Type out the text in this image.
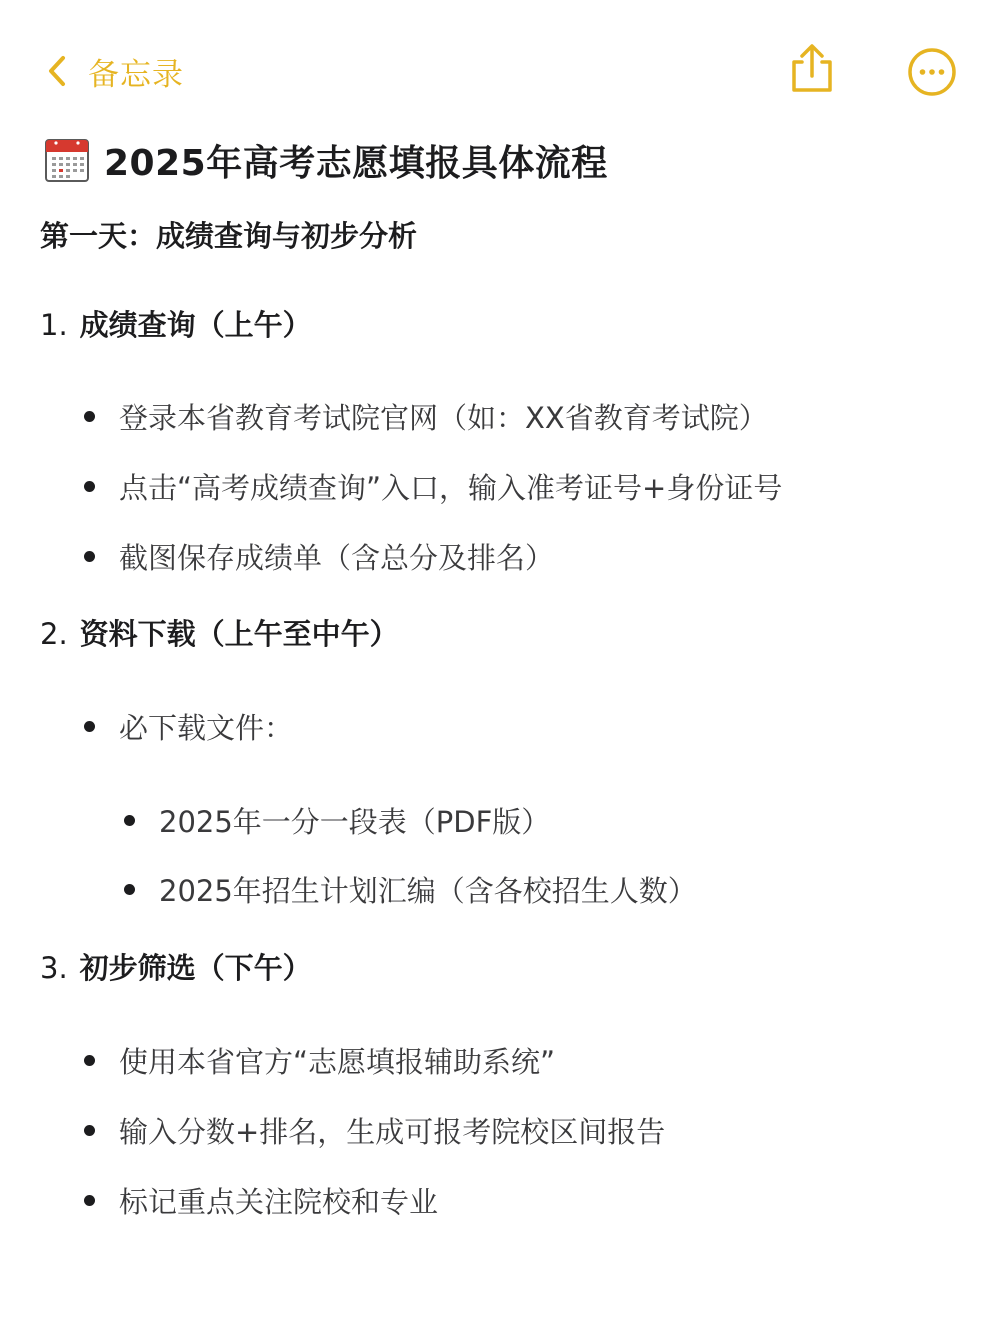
备忘录
2025年高考志愿填报具体流程
第一天：成绩查询与初步分析
1. 成绩查询（上午）
登录本省教育考试院官网（如：XX省教育考试院）
点击“高考成绩查询”入口，输入准考证号+身份证号
截图保存成绩单（含总分及排名）
2. 资料下载（上午至中午）
必下载文件：
2025年一分一段表（PDF版）
2025年招生计划汇编（含各校招生人数）
3. 初步筛选（下午）
使用本省官方“志愿填报辅助系统”
输入分数+排名，生成可报考院校区间报告
标记重点关注院校和专业
